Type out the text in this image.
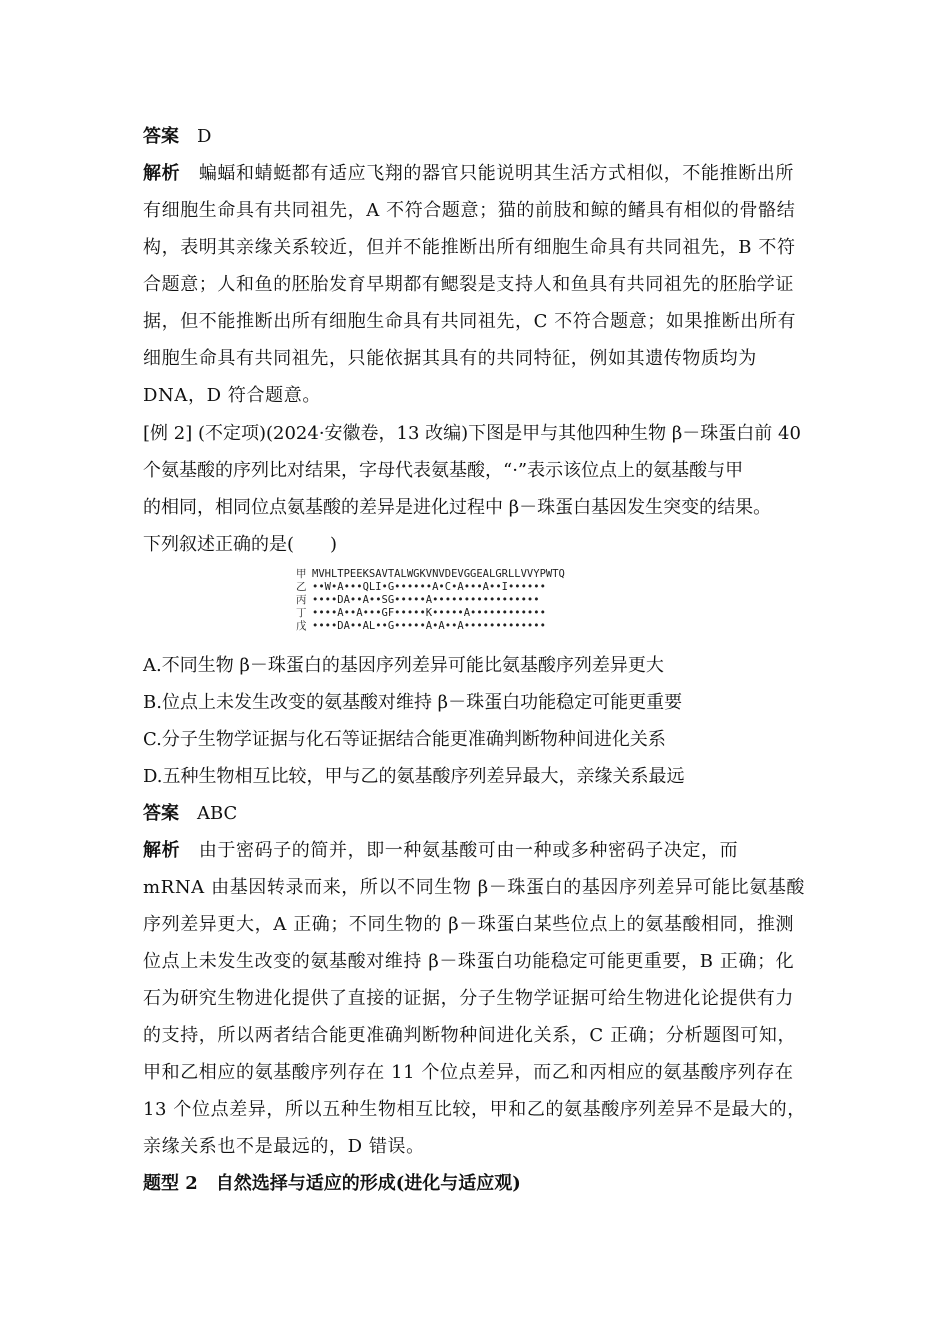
答案　 D
解析　 蝙蝠和蜻蜓都有适应飞翔的器官只能说明其生活方式相似，不能推断出所
有细胞生命具有共同祖先，A 不符合题意；猫的前肢和鲸的鳍具有相似的骨骼结
构，表明其亲缘关系较近，但并不能推断出所有细胞生命具有共同祖先，B 不符
合题意；人和鱼的胚胎发育早期都有鳃裂是支持人和鱼具有共同祖先的胚胎学证
据，但不能推断出所有细胞生命具有共同祖先，C 不符合题意；如果推断出所有
细胞生命具有共同祖先，只能依据其具有的共同特征，例如其遗传物质均为
DNA，D 符合题意。
[例 2] (不定项)(2024·安徽卷，13 改编)下图是甲与其他四种生物 β－珠蛋白前 40
个氨基酸的序列比对结果，字母代表氨基酸，“·”表示该位点上的氨基酸与甲
的相同，相同位点氨基酸的差异是进化过程中 β－珠蛋白基因发生突变的结果。
下列叙述正确的是(　　)
甲 MVHLTPEEKSAVTALWGKVNVDEVGGEALGRLLVVYPWTQ
乙 ••W•A•••QLI•G••••••A•C•A•••A••I••••••
丙 ••••DA••A••SG•••••A•••••••••••••••••
丁 ••••A••A•••GF•••••K•••••A••••••••••••
戊 ••••DA••AL••G•••••A•A••A•••••••••••••
A.不同生物 β－珠蛋白的基因序列差异可能比氨基酸序列差异更大
B.位点上未发生改变的氨基酸对维持 β－珠蛋白功能稳定可能更重要
C.分子生物学证据与化石等证据结合能更准确判断物种间进化关系
D.五种生物相互比较，甲与乙的氨基酸序列差异最大，亲缘关系最远
答案　 ABC
解析　 由于密码子的简并，即一种氨基酸可由一种或多种密码子决定，而
mRNA 由基因转录而来，所以不同生物 β－珠蛋白的基因序列差异可能比氨基酸
序列差异更大，A 正确；不同生物的 β－珠蛋白某些位点上的氨基酸相同，推测
位点上未发生改变的氨基酸对维持 β－珠蛋白功能稳定可能更重要，B 正确；化
石为研究生物进化提供了直接的证据，分子生物学证据可给生物进化论提供有力
的支持，所以两者结合能更准确判断物种间进化关系，C 正确；分析题图可知，
甲和乙相应的氨基酸序列存在 11 个位点差异，而乙和丙相应的氨基酸序列存在
13 个位点差异，所以五种生物相互比较，甲和乙的氨基酸序列差异不是最大的，
亲缘关系也不是最远的，D 错误。
题型 2　自然选择与适应的形成(进化与适应观)
